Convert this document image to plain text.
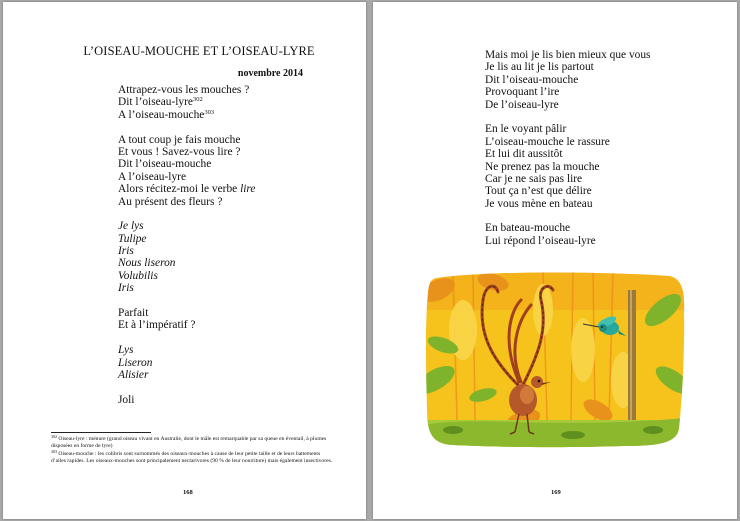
L’OISEAU-MOUCHE ET L’OISEAU-LYRE
novembre 2014
Attrapez-vous les mouches ?
Dit l’oiseau-lyre$^{302}$
A l’oiseau-mouche$^{303}$
A tout coup je fais mouche
Et vous ! Savez-vous lire ?
Dit l’oiseau-mouche
A l’oiseau-lyre
Alors récitez-moi le verbe lire
Au présent des fleurs ?
Je lys
Tulipe
Iris
Nous liseron
Volubilis
Iris
Parfait
Et à l’impératif ?
Lys
Liseron
Alisier
Joli
$^{302}$ Oiseau-lyre : ménure (grand oiseau vivant en Australie, dont le mâle est remarquable par sa queue en éventail, à plumes disposées en forme de lyre)
$^{303}$ Oiseau-mouche : les colibris sont surnommés des oiseaux-mouches à cause de leur petite taille et de leurs battements d’ailes rapides. Les oiseaux-mouches sont principalement nectarivores (90 % de leur nourriture) mais également insectivores.
168
Mais moi je lis bien mieux que vous
Je lis au lit je lis partout
Dit l’oiseau-mouche
Provoquant l’ire
De l’oiseau-lyre
En le voyant pâlir
L’oiseau-mouche le rassure
Et lui dit aussitôt
Ne prenez pas la mouche
Car je ne sais pas lire
Tout ça n’est que délire
Je vous mène en bateau
En bateau-mouche
Lui répond l’oiseau-lyre
169
